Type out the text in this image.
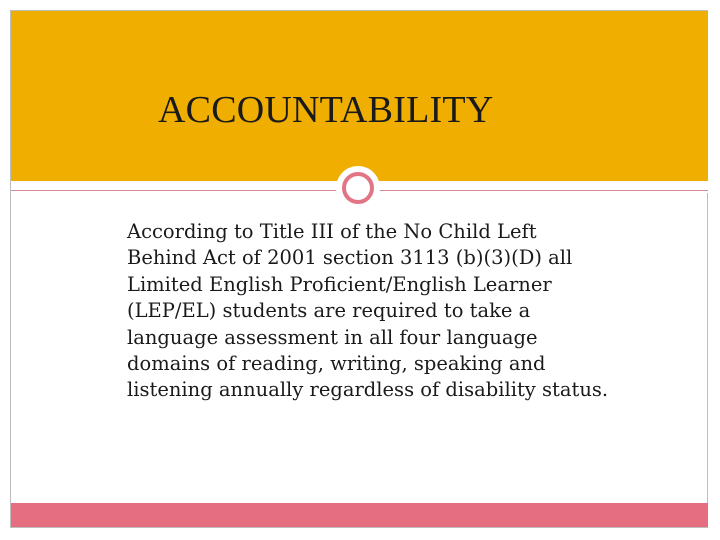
ACCOUNTABILITY

According to Title III of the No Child Left
Behind Act of 2001 section 3113 (b)(3)(D) all
Limited English Proficient/English Learner
(LEP/EL) students are required to take a
language assessment in all four language
domains of reading, writing, speaking and
listening annually regardless of disability status.
